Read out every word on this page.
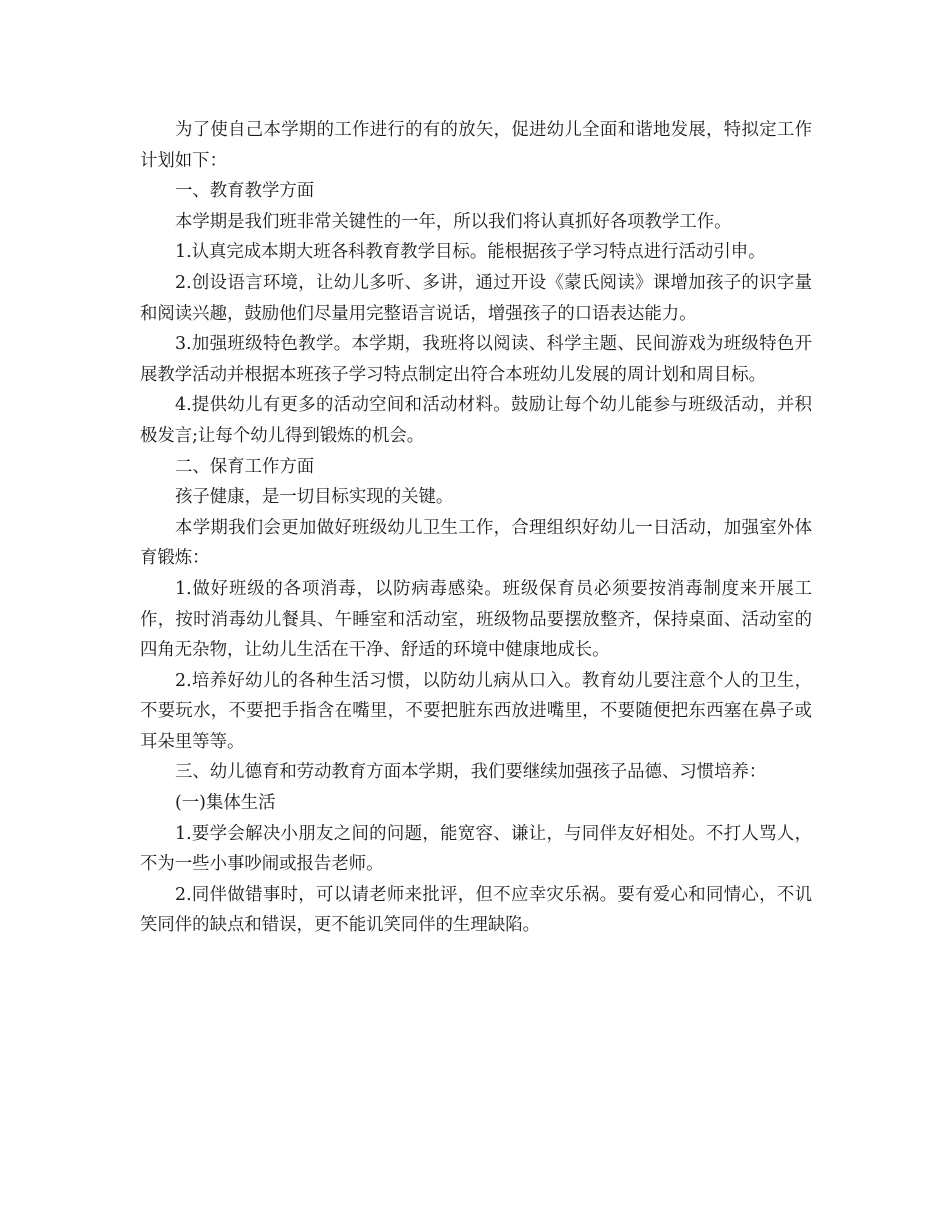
为了使自己本学期的工作进行的有的放矢，促进幼儿全面和谐地发展，特拟定工作计划如下：

一、教育教学方面

本学期是我们班非常关键性的一年，所以我们将认真抓好各项教学工作。

1.认真完成本期大班各科教育教学目标。能根据孩子学习特点进行活动引申。

2.创设语言环境，让幼儿多听、多讲，通过开设《蒙氏阅读》课增加孩子的识字量和阅读兴趣，鼓励他们尽量用完整语言说话，增强孩子的口语表达能力。

3.加强班级特色教学。本学期，我班将以阅读、科学主题、民间游戏为班级特色开展教学活动并根据本班孩子学习特点制定出符合本班幼儿发展的周计划和周目标。

4.提供幼儿有更多的活动空间和活动材料。鼓励让每个幼儿能参与班级活动，并积极发言;让每个幼儿得到锻炼的机会。

二、保育工作方面

孩子健康，是一切目标实现的关键。

本学期我们会更加做好班级幼儿卫生工作，合理组织好幼儿一日活动，加强室外体育锻炼：

1.做好班级的各项消毒，以防病毒感染。班级保育员必须要按消毒制度来开展工作，按时消毒幼儿餐具、午睡室和活动室，班级物品要摆放整齐，保持桌面、活动室的四角无杂物，让幼儿生活在干净、舒适的环境中健康地成长。

2.培养好幼儿的各种生活习惯，以防幼儿病从口入。教育幼儿要注意个人的卫生，不要玩水，不要把手指含在嘴里，不要把脏东西放进嘴里，不要随便把东西塞在鼻子或耳朵里等等。

三、幼儿德育和劳动教育方面本学期，我们要继续加强孩子品德、习惯培养：

(一)集体生活

1.要学会解决小朋友之间的问题，能宽容、谦让，与同伴友好相处。不打人骂人，不为一些小事吵闹或报告老师。

2.同伴做错事时，可以请老师来批评，但不应幸灾乐祸。要有爱心和同情心，不讥笑同伴的缺点和错误，更不能讥笑同伴的生理缺陷。
